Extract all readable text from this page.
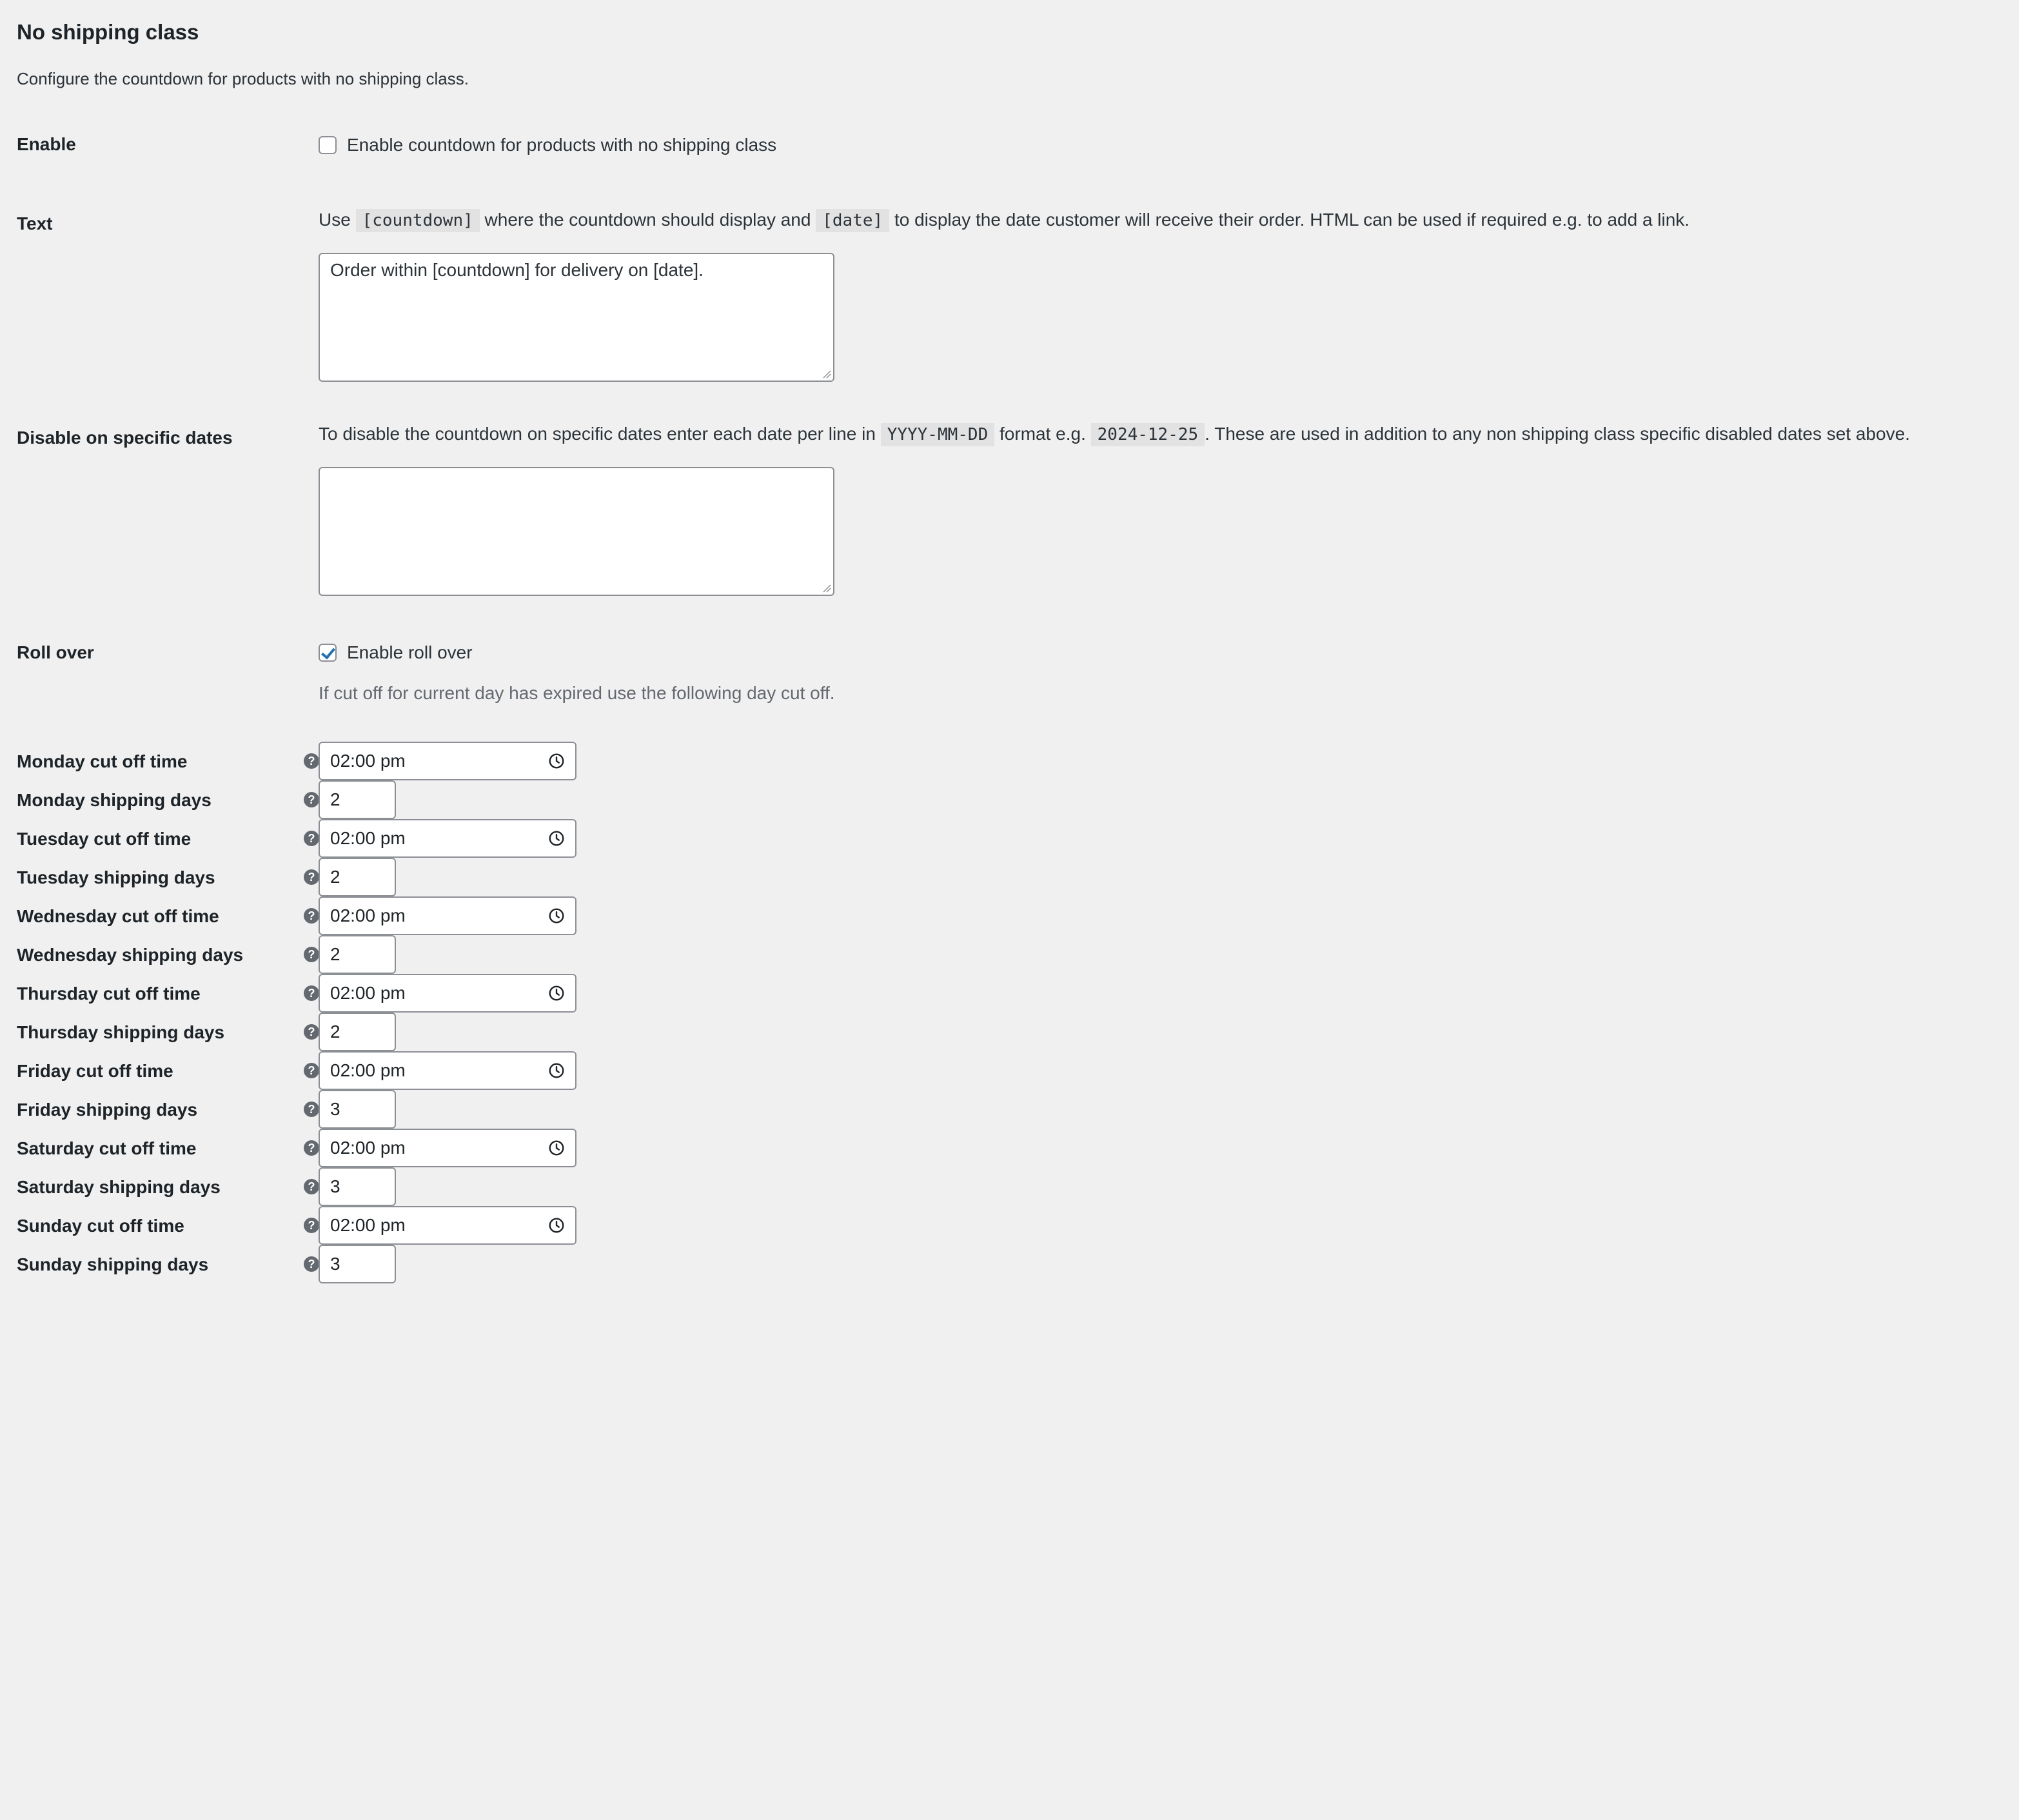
No shipping class
Configure the countdown for products with no shipping class.
Enable	Enable countdown for products with no shipping class
Text	Use [countdown] where the countdown should display and [date] to display the date customer will receive their order. HTML can be used if required e.g. to add a link.
Order within [countdown] for delivery on [date].
Disable on specific dates	To disable the countdown on specific dates enter each date per line in YYYY-MM-DD format e.g. 2024-12-25 . These are used in addition to any non shipping class specific disabled dates set above.
Roll over	Enable roll over
If cut off for current day has expired use the following day cut off.
Monday cut off time	? 02:00 pm
Monday shipping days	? 2
Tuesday cut off time	? 02:00 pm
Tuesday shipping days	? 2
Wednesday cut off time	? 02:00 pm
Wednesday shipping days	? 2
Thursday cut off time	? 02:00 pm
Thursday shipping days	? 2
Friday cut off time	? 02:00 pm
Friday shipping days	? 3
Saturday cut off time	? 02:00 pm
Saturday shipping days	? 3
Sunday cut off time	? 02:00 pm
Sunday shipping days	? 3
